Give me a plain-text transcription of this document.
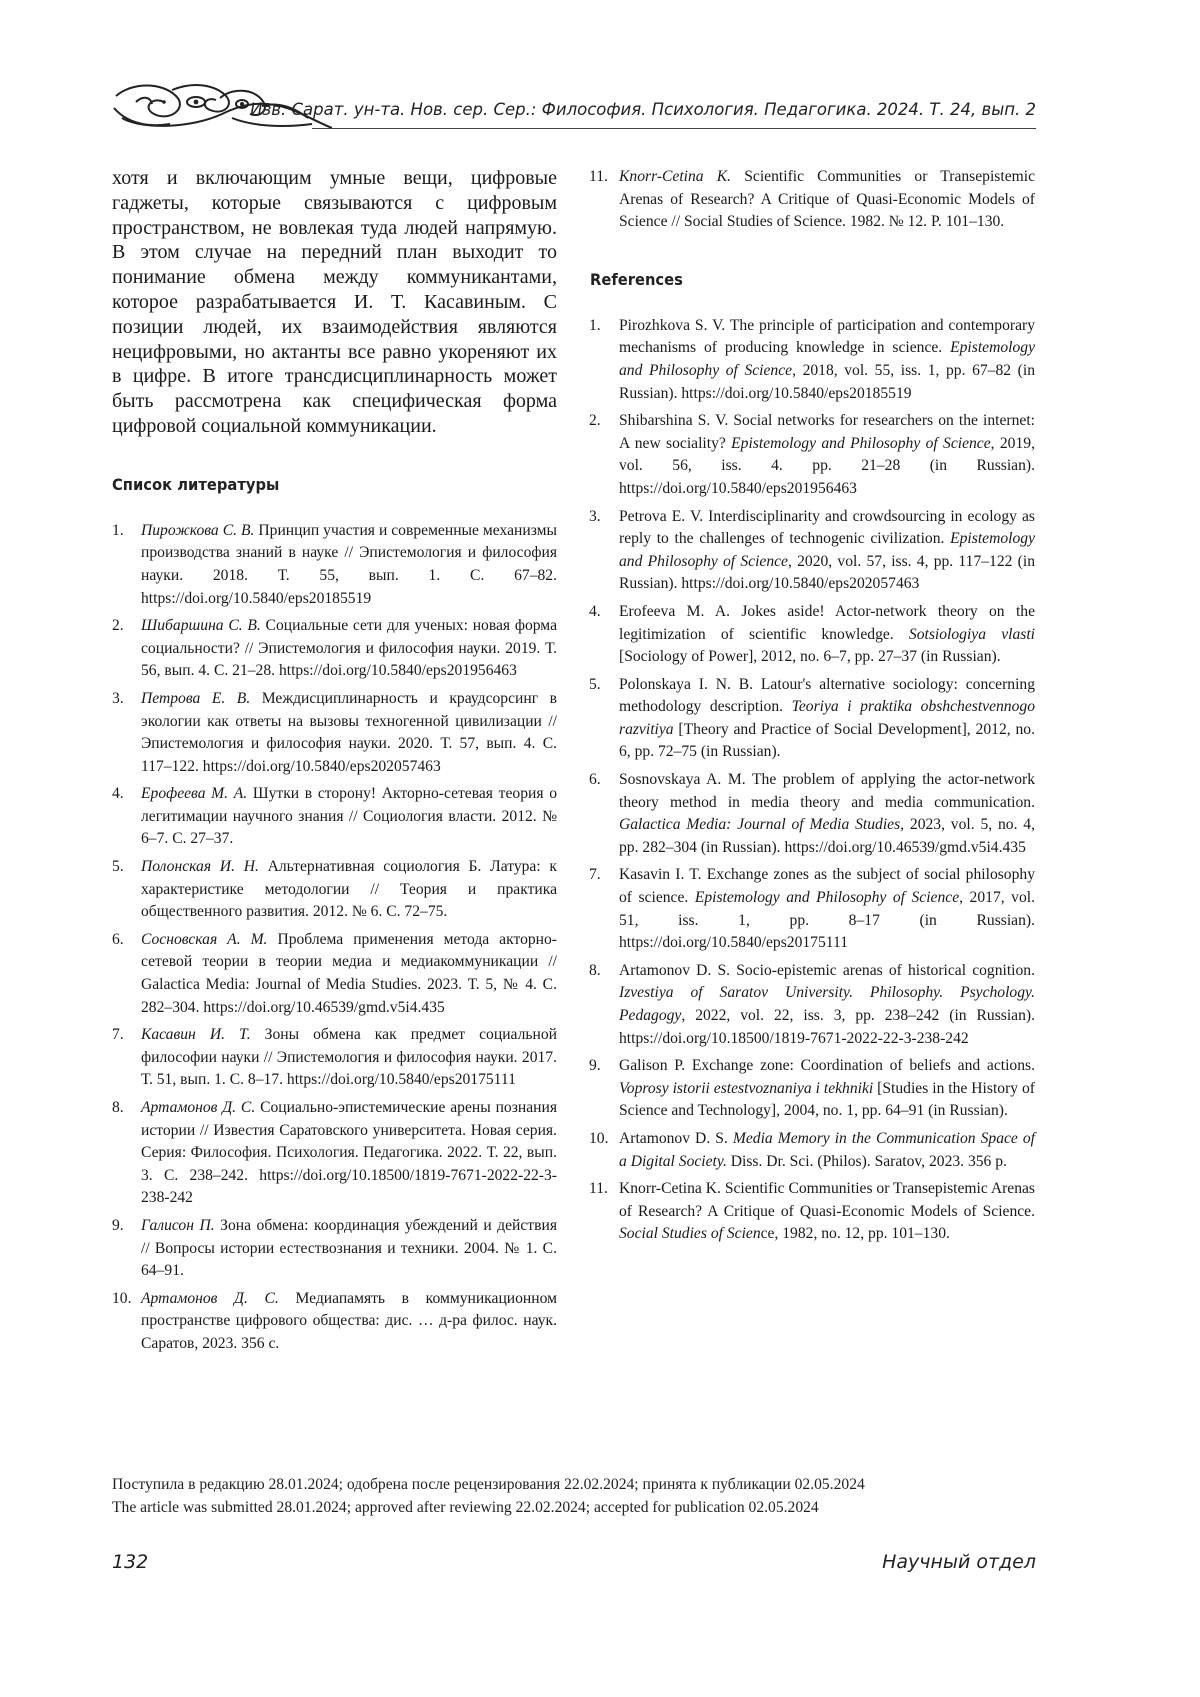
Изв. Сарат. ун-та. Нов. сер. Сер.: Философия. Психология. Педагогика. 2024. Т. 24, вып. 2

хотя и включающим умные вещи, цифровые гаджеты, которые связываются с цифровым пространством, не вовлекая туда людей напрямую. В этом случае на передний план выходит то понимание обмена между коммуникантами, которое разрабатывается И. Т. Касавиным. С позиции людей, их взаимодействия являются нецифровыми, но актанты все равно укореняют их в цифре. В итоге трансдисциплинарность может быть рассмотрена как специфическая форма цифровой социальной коммуникации.

Список литературы
1. Пирожкова С. В. Принцип участия и современные механизмы производства знаний в науке // Эпистемология и философия науки. 2018. Т. 55, вып. 1. С. 67–82. https://doi.org/10.5840/eps20185519
2. Шибаршина С. В. Социальные сети для ученых: новая форма социальности? // Эпистемология и философия науки. 2019. Т. 56, вып. 4. С. 21–28. https://doi.org/10.5840/eps201956463
3. Петрова Е. В. Междисциплинарность и краудсорсинг в экологии как ответы на вызовы техногенной цивилизации // Эпистемология и философия науки. 2020. Т. 57, вып. 4. С. 117–122. https://doi.org/10.5840/eps202057463
4. Ерофеева М. А. Шутки в сторону! Акторно-сетевая теория о легитимации научного знания // Социология власти. 2012. № 6–7. С. 27–37.
5. Полонская И. Н. Альтернативная социология Б. Латура: к характеристике методологии // Теория и практика общественного развития. 2012. № 6. С. 72–75.
6. Сосновская А. М. Проблема применения метода акторно-сетевой теории в теории медиа и медиакоммуникации // Galactica Media: Journal of Media Studies. 2023. Т. 5, № 4. С. 282–304. https://doi.org/10.46539/gmd.v5i4.435
7. Касавин И. Т. Зоны обмена как предмет социальной философии науки // Эпистемология и философия науки. 2017. Т. 51, вып. 1. С. 8–17. https://doi.org/10.5840/eps20175111
8. Артамонов Д. С. Социально-эпистемические арены познания истории // Известия Саратовского университета. Новая серия. Серия: Философия. Психология. Педагогика. 2022. Т. 22, вып. 3. С. 238–242. https://doi.org/10.18500/1819-7671-2022-22-3-238-242
9. Галисон П. Зона обмена: координация убеждений и действия // Вопросы истории естествознания и техники. 2004. № 1. С. 64–91.
10. Артамонов Д. С. Медиапамять в коммуникационном пространстве цифрового общества: дис. … д-ра филос. наук. Саратов, 2023. 356 с.
11. Knorr-Cetina K. Scientific Communities or Transepistemic Arenas of Research? A Critique of Quasi-Economic Models of Science // Social Studies of Science. 1982. № 12. P. 101–130.
References
1. Pirozhkova S. V. The principle of participation and contemporary mechanisms of producing knowledge in science. Epistemology and Philosophy of Science, 2018, vol. 55, iss. 1, pp. 67–82 (in Russian). https://doi.org/10.5840/eps20185519
2. Shibarshina S. V. Social networks for researchers on the internet: A new sociality? Epistemology and Philosophy of Science, 2019, vol. 56, iss. 4. pp. 21–28 (in Russian). https://doi.org/10.5840/eps201956463
3. Petrova E. V. Interdisciplinarity and crowdsourcing in ecology as reply to the challenges of technogenic civilization. Epistemology and Philosophy of Science, 2020, vol. 57, iss. 4, pp. 117–122 (in Russian). https://doi.org/10.5840/eps202057463
4. Erofeeva M. A. Jokes aside! Actor-network theory on the legitimization of scientific knowledge. Sotsiologiya vlasti [Sociology of Power], 2012, no. 6–7, pp. 27–37 (in Russian).
5. Polonskaya I. N. B. Latour's alternative sociology: concerning methodology description. Teoriya i praktika obshchestvennogo razvitiya [Theory and Practice of Social Development], 2012, no. 6, pp. 72–75 (in Russian).
6. Sosnovskaya A. M. The problem of applying the actor-network theory method in media theory and media communication. Galactica Media: Journal of Media Studies, 2023, vol. 5, no. 4, pp. 282–304 (in Russian). https://doi.org/10.46539/gmd.v5i4.435
7. Kasavin I. T. Exchange zones as the subject of social philosophy of science. Epistemology and Philosophy of Science, 2017, vol. 51, iss. 1, pp. 8–17 (in Russian). https://doi.org/10.5840/eps20175111
8. Artamonov D. S. Socio-epistemic arenas of historical cognition. Izvestiya of Saratov University. Philosophy. Psychology. Pedagogy, 2022, vol. 22, iss. 3, pp. 238–242 (in Russian). https://doi.org/10.18500/1819-7671-2022-22-3-238-242
9. Galison P. Exchange zone: Coordination of beliefs and actions. Voprosy istorii estestvoznaniya i tekhniki [Studies in the History of Science and Technology], 2004, no. 1, pp. 64–91 (in Russian).
10. Artamonov D. S. Media Memory in the Communication Space of a Digital Society. Diss. Dr. Sci. (Philos). Saratov, 2023. 356 p.
11. Knorr-Cetina K. Scientific Communities or Transepistemic Arenas of Research? A Critique of Quasi-Economic Models of Science. Social Studies of Science, 1982, no. 12, pp. 101–130.
Поступила в редакцию 28.01.2024; одобрена после рецензирования 22.02.2024; принята к публикации 02.05.2024
The article was submitted 28.01.2024; approved after reviewing 22.02.2024; accepted for publication 02.05.2024
132	Научный отдел
